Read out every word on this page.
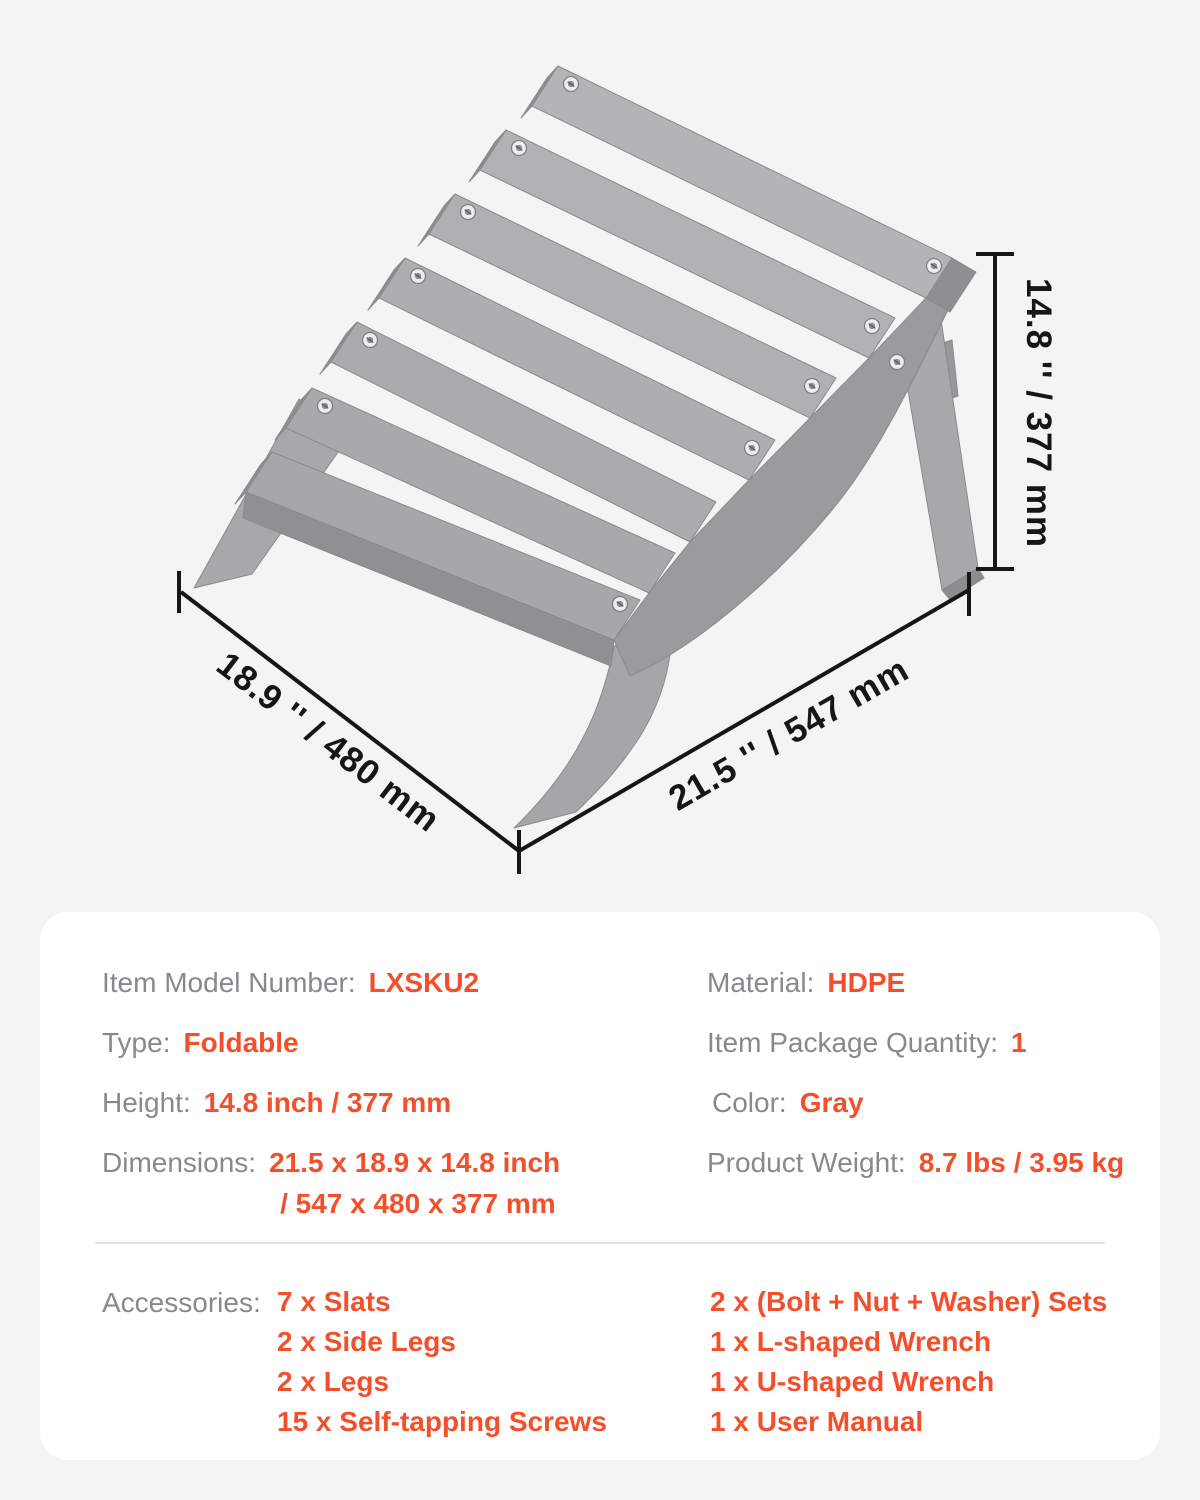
14.8 '' / 377 mm
18.9 '' / 480 mm	21.5 '' / 547 mm
Item Model Number: LXSKU2
Type: Foldable
Height: 14.8 inch / 377 mm
Dimensions: 21.5 x 18.9 x 14.8 inch
/ 547 x 480 x 377 mm
Material: HDPE
Item Package Quantity: 1
Color: Gray
Product Weight: 8.7 lbs / 3.95 kg
Accessories: 7 x Slats
2 x Side Legs
2 x Legs
15 x Self-tapping Screws
2 x (Bolt + Nut + Washer) Sets
1 x L-shaped Wrench
1 x U-shaped Wrench
1 x User Manual
